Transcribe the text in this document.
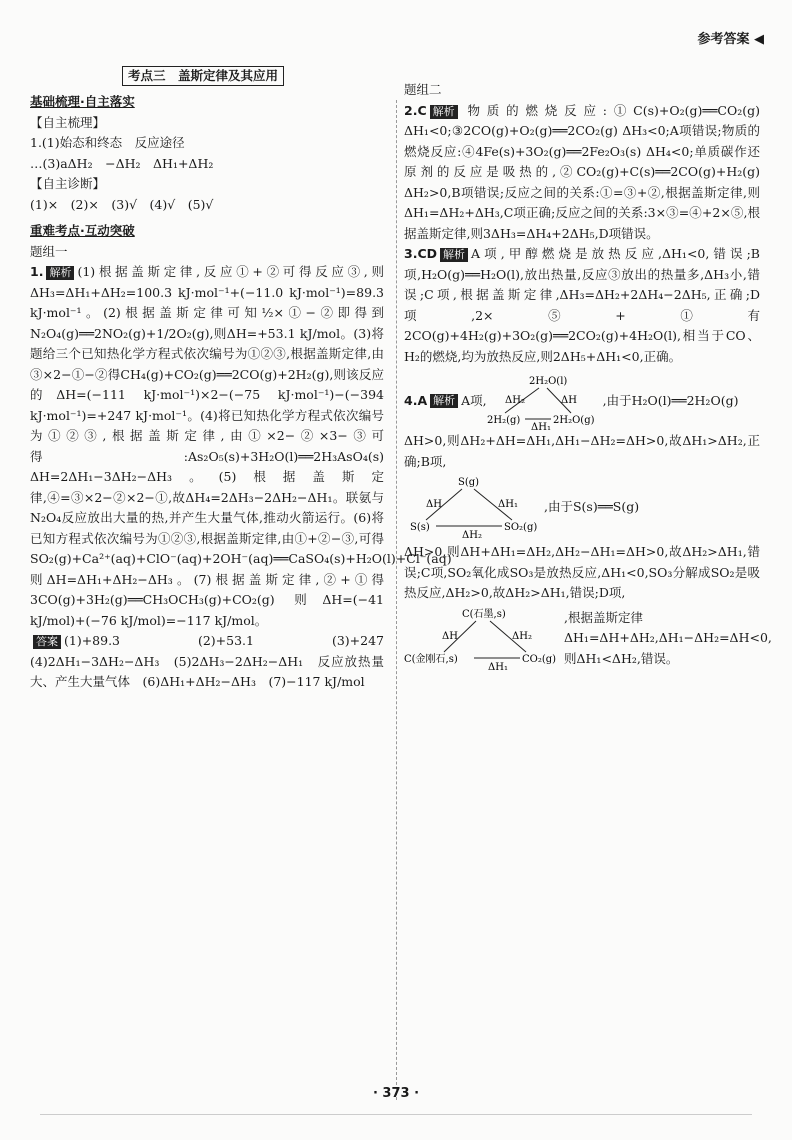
参考答案 ◀
考点三　盖斯定律及其应用

基础梳理·自主落实

【自主梳理】

1.(1)始态和终态　反应途径

…(3)aΔH₂　−ΔH₂　ΔH₁+ΔH₂

【自主诊断】

(1)×　(2)×　(3)√　(4)√　(5)√

重难考点·互动突破

题组一

1. 解析 (1)根据盖斯定律,反应①+②可得反应③,则ΔH₃=ΔH₁+ΔH₂=100.3 kJ·mol⁻¹+(−11.0 kJ·mol⁻¹)=89.3 kJ·mol⁻¹。(2)根据盖斯定律可知½×①−②即得到N₂O₄(g)══2NO₂(g)+1/2O₂(g),则ΔH=+53.1 kJ/mol。(3)将题给三个已知热化学方程式依次编号为①②③,根据盖斯定律,由③×2−①−②得CH₄(g)+CO₂(g)══2CO(g)+2H₂(g),则该反应的ΔH=(−111 kJ·mol⁻¹)×2−(−75 kJ·mol⁻¹)−(−394 kJ·mol⁻¹)=+247 kJ·mol⁻¹。(4)将已知热化学方程式依次编号为①②③,根据盖斯定律,由①×2−②×3−③可得:As₂O₅(s)+3H₂O(l)══2H₃AsO₄(s) ΔH=2ΔH₁−3ΔH₂−ΔH₃。(5)根据盖斯定律,④=③×2−②×2−①,故ΔH₄=2ΔH₃−2ΔH₂−ΔH₁。联氨与N₂O₄反应放出大量的热,并产生大量气体,推动火箭运行。(6)将已知方程式依次编号为①②③,根据盖斯定律,由①+②−③,可得SO₂(g)+Ca²⁺(aq)+ClO⁻(aq)+2OH⁻(aq)══CaSO₄(s)+H₂O(l)+Cl⁻(aq) 则ΔH=ΔH₁+ΔH₂−ΔH₃。(7)根据盖斯定律,②+①得3CO(g)+3H₂(g)══CH₃OCH₃(g)+CO₂(g) 则ΔH=(−41 kJ/mol)+(−76 kJ/mol)=−117 kJ/mol。

答案 (1)+89.3　(2)+53.1　(3)+247　(4)2ΔH₁−3ΔH₂−ΔH₃　(5)2ΔH₃−2ΔH₂−ΔH₁　反应放热量大、产生大量气体　(6)ΔH₁+ΔH₂−ΔH₃　(7)−117 kJ/mol

题组二

2.C 解析 物质的燃烧反应:①C(s)+O₂(g)══CO₂(g) ΔH₁<0;③2CO(g)+O₂(g)══2CO₂(g) ΔH₃<0;A项错误;物质的燃烧反应:④4Fe(s)+3O₂(g)══2Fe₂O₃(s) ΔH₄<0;单质碳作还原剂的反应是吸热的,②CO₂(g)+C(s)══2CO(g)+H₂(g) ΔH₂>0,B项错误;反应之间的关系:①=③+②,根据盖斯定律,则ΔH₁=ΔH₂+ΔH₃,C项正确;反应之间的关系:3×③=④+2×⑤,根据盖斯定律,则3ΔH₃=ΔH₄+2ΔH₅,D项错误。

3.CD 解析 A项,甲醇燃烧是放热反应,ΔH₁<0,错误;B项,H₂O(g)══H₂O(l),放出热量,反应③放出的热量多,ΔH₃小,错误;C项,根据盖斯定律,ΔH₃=ΔH₂+2ΔH₄−2ΔH₅,正确;D项,2×⑤+①有2CO(g)+4H₂(g)+3O₂(g)══2CO₂(g)+4H₂O(l),相当于CO、H₂的燃烧,均为放热反应,则2ΔH₅+ΔH₁<0,正确。

4.A 解析 A项,
2H₂O(l)
2H₂(g)	2H₂O(g)
ΔH₂	ΔH
ΔH₁
,由于H₂O(l)══2H₂O(g)

ΔH>0,则ΔH₂+ΔH=ΔH₁,ΔH₁−ΔH₂=ΔH>0,故ΔH₁>ΔH₂,正确;B项,

S(g)
S(s)	SO₂(g)
ΔH	ΔH₁
ΔH₂
,由于S(s)══S(g)

ΔH>0,则ΔH+ΔH₁=ΔH₂,ΔH₂−ΔH₁=ΔH>0,故ΔH₂>ΔH₁,错误;C项,SO₂氧化成SO₃是放热反应,ΔH₁<0,SO₃分解成SO₂是吸热反应,ΔH₂>0,故ΔH₂>ΔH₁,错误;D项,

C(石墨,s)
C(金刚石,s)	CO₂(g)
ΔH	ΔH₂
ΔH₁
,根据盖斯定律ΔH₁=ΔH+ΔH₂,ΔH₁−ΔH₂=ΔH<0,则ΔH₁<ΔH₂,错误。
· 373 ·
